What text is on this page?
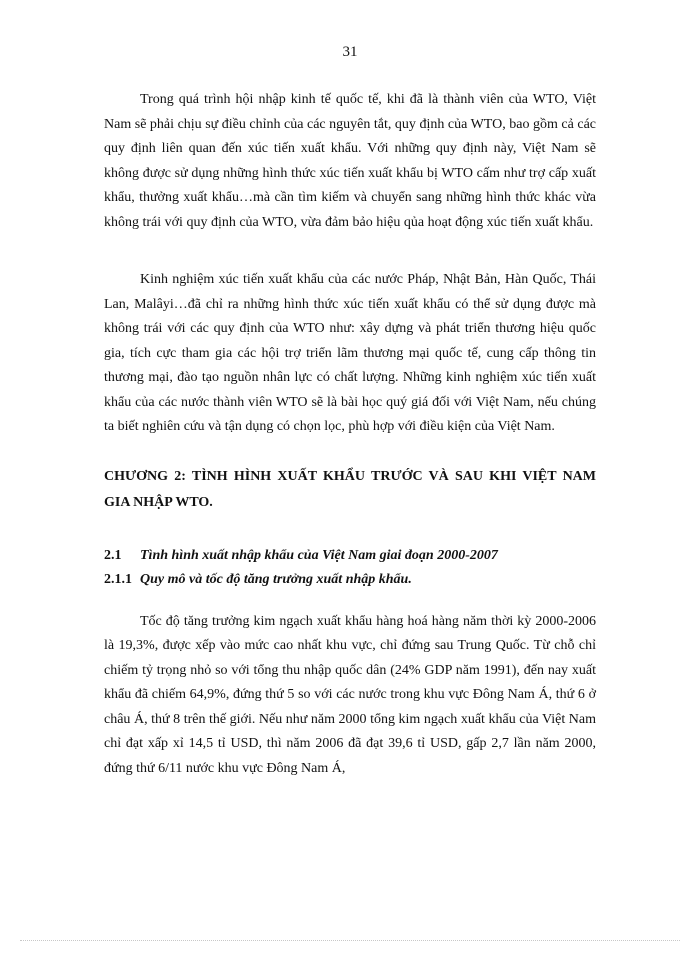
31

Trong quá trình hội nhập kinh tế quốc tế, khi đã là thành viên của WTO, Việt Nam sẽ phải chịu sự điều chỉnh của các nguyên tắt, quy định của WTO, bao gồm cả các quy định liên quan đến xúc tiến xuất khẩu. Với những quy định này, Việt Nam sẽ không được sử dụng những hình thức xúc tiến xuất khẩu bị WTO cấm như trợ cấp xuất khẩu, thưởng xuất khẩu…mà cần tìm kiếm và chuyển sang những hình thức khác vừa không trái với quy định của WTO, vừa đảm bảo hiệu qủa hoạt động xúc tiến xuất khẩu.

Kinh nghiệm xúc tiến xuất khẩu của các nước Pháp, Nhật Bản, Hàn Quốc, Thái Lan, Malâyi…đã chỉ ra những hình thức xúc tiến xuất khẩu có thể sử dụng được mà không trái với các quy định của WTO như: xây dựng và phát triển thương hiệu quốc gia, tích cực tham gia các hội trợ triển lãm thương mại quốc tế, cung cấp thông tin thương mại, đào tạo nguồn nhân lực có chất lượng. Những kinh nghiệm xúc tiến xuất khẩu của các nước thành viên WTO sẽ là bài học quý giá đối với Việt Nam, nếu chúng ta biết nghiên cứu và tận dụng có chọn lọc, phù hợp với điều kiện của Việt Nam.

CHƯƠNG 2: TÌNH HÌNH XUẤT KHẨU TRƯỚC VÀ SAU KHI VIỆT NAM GIA NHẬP WTO.

2.1 Tình hình xuất nhập khẩu của Việt Nam giai đoạn 2000-2007

2.1.1 Quy mô và tốc độ tăng trưởng xuất nhập khẩu.

Tốc độ tăng trưởng kim ngạch xuất khẩu hàng hoá hàng năm thời kỳ 2000-2006 là 19,3%, được xếp vào mức cao nhất khu vực, chỉ đứng sau Trung Quốc. Từ chỗ chỉ chiếm tỷ trọng nhỏ so với tổng thu nhập quốc dân (24% GDP năm 1991), đến nay xuất khẩu đã chiếm 64,9%, đứng thứ 5 so với các nước trong khu vực Đông Nam Á, thứ 6 ở châu Á, thứ 8 trên thế giới. Nếu như năm 2000 tổng kim ngạch xuất khẩu của Việt Nam chỉ đạt xấp xỉ 14,5 tỉ USD, thì năm 2006 đã đạt 39,6 tỉ USD, gấp 2,7 lần năm 2000, đứng thứ 6/11 nước khu vực Đông Nam Á,
